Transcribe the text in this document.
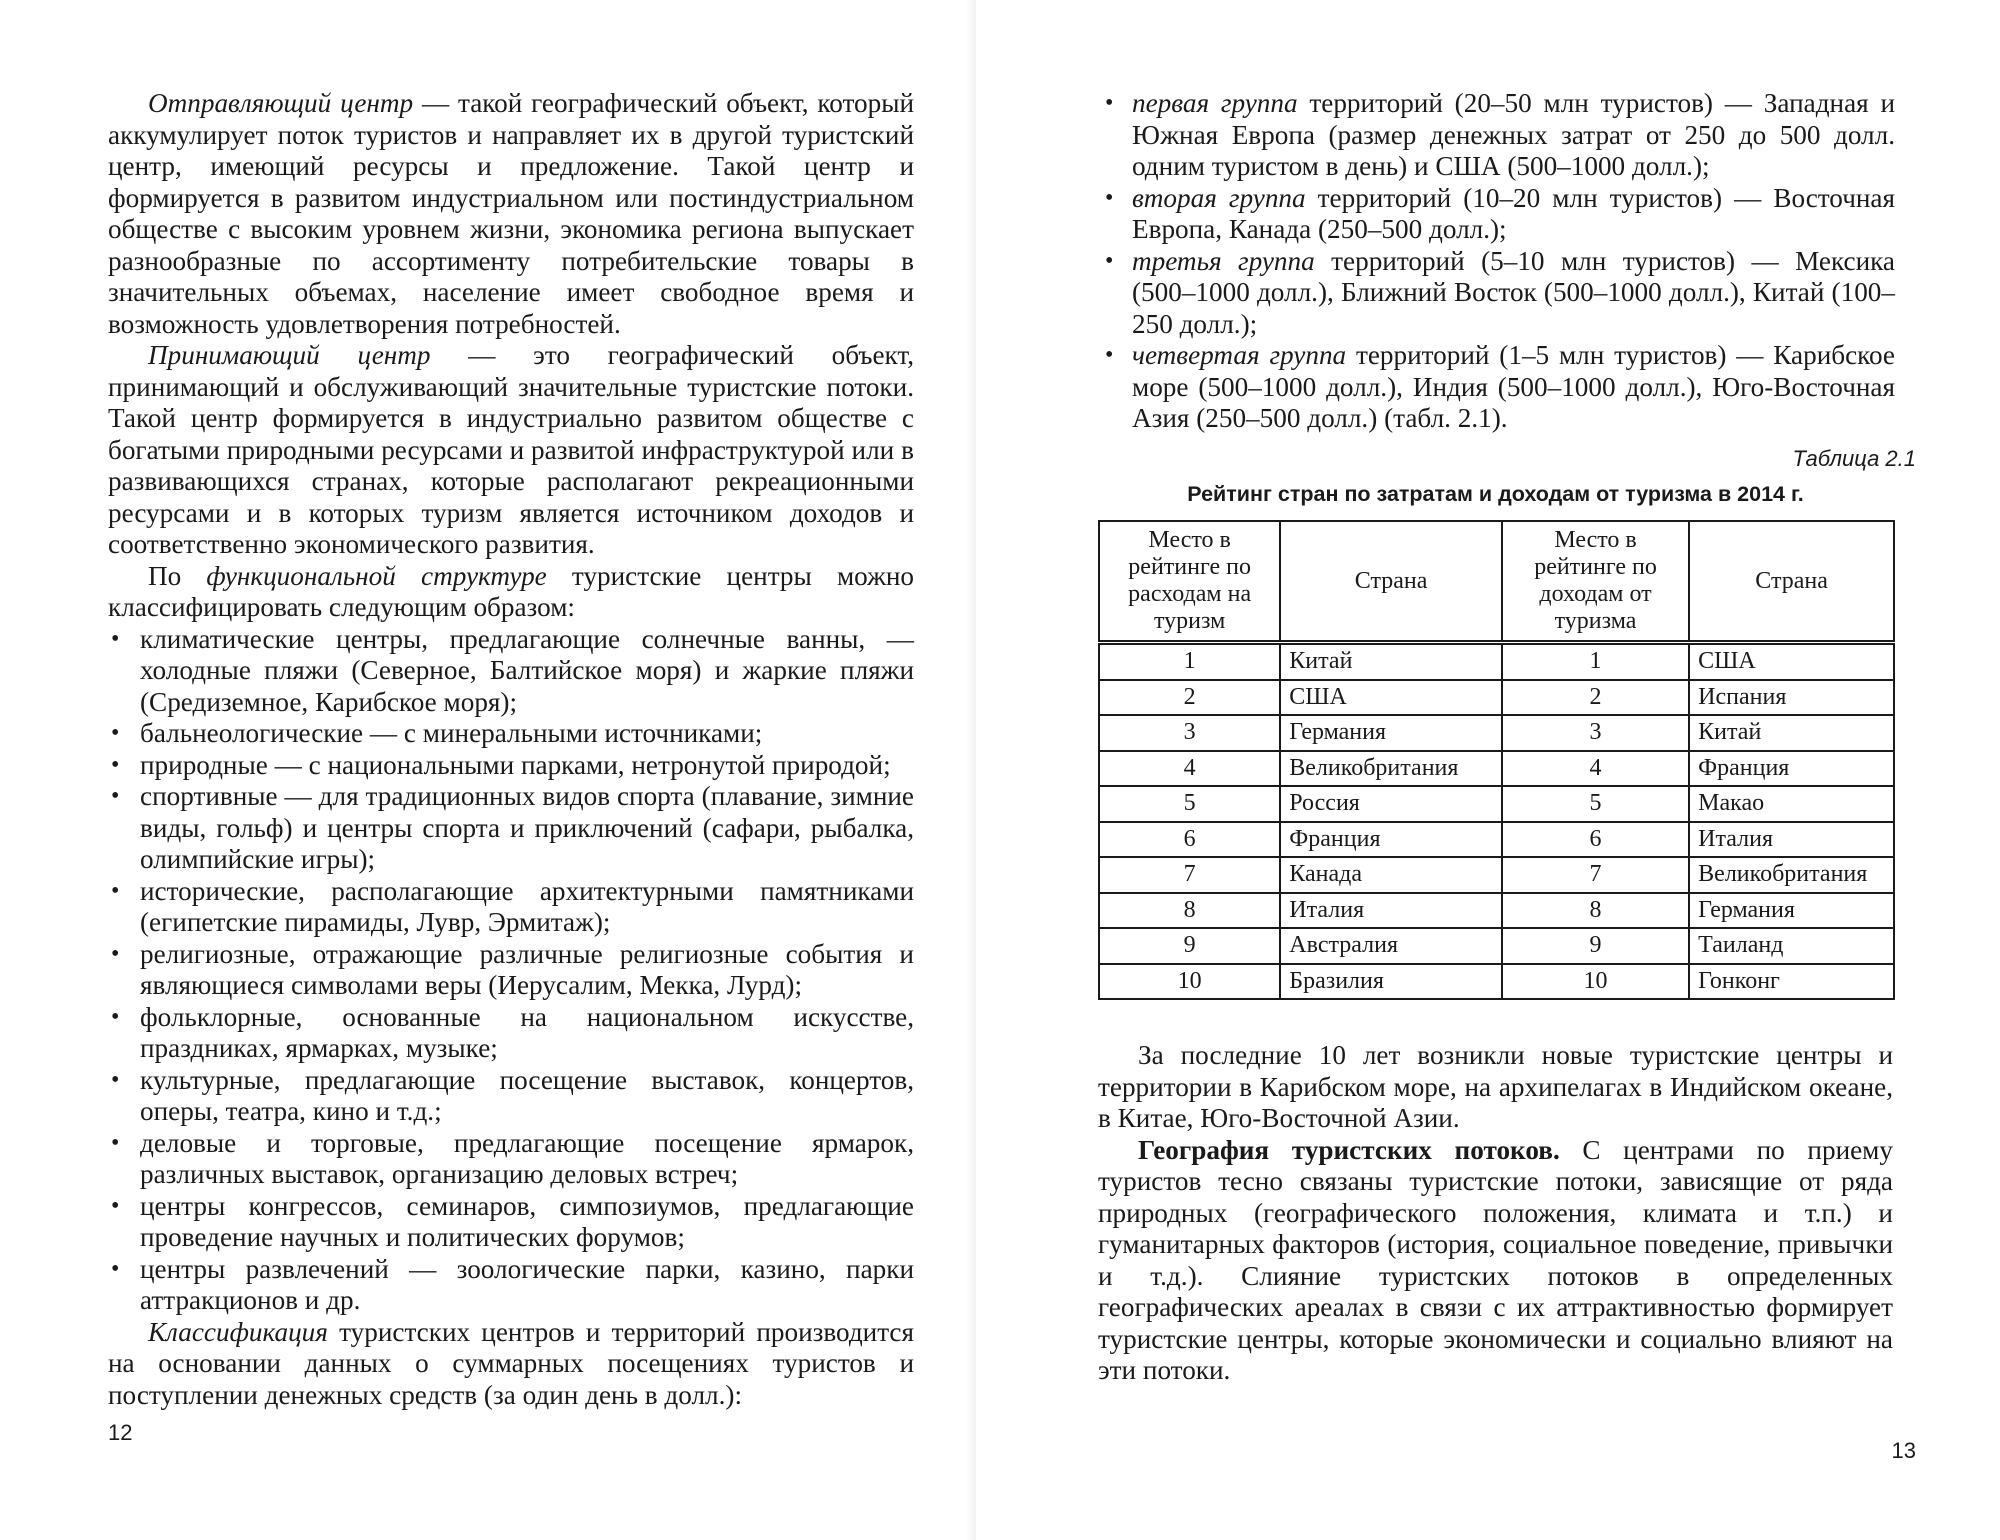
Отправляющий центр — такой географический объект, который аккумулирует поток туристов и направляет их в другой туристский центр, имеющий ресурсы и предложение. Такой центр и формируется в развитом индустриальном или постиндустриальном обществе с высоким уровнем жизни, экономика региона выпускает разнообразные по ассортименту потребительские товары в значительных объемах, население имеет свободное время и возможность удовлетворения потребностей.

Принимающий центр — это географический объект, принимающий и обслуживающий значительные туристские потоки. Такой центр формируется в индустриально развитом обществе с богатыми природными ресурсами и развитой инфраструктурой или в развивающихся странах, которые располагают рекреационными ресурсами и в которых туризм является источником доходов и соответственно экономического развития.

По функциональной структуре туристские центры можно классифицировать следующим образом:

• климатические центры, предлагающие солнечные ванны, — холодные пляжи (Северное, Балтийское моря) и жаркие пляжи (Средиземное, Карибское моря);
• бальнеологические — с минеральными источниками;
• природные — с национальными парками, нетронутой природой;
• спортивные — для традиционных видов спорта (плавание, зимние виды, гольф) и центры спорта и приключений (сафари, рыбалка, олимпийские игры);
• исторические, располагающие архитектурными памятниками (египетские пирамиды, Лувр, Эрмитаж);
• религиозные, отражающие различные религиозные события и являющиеся символами веры (Иерусалим, Мекка, Лурд);
• фольклорные, основанные на национальном искусстве, праздниках, ярмарках, музыке;
• культурные, предлагающие посещение выставок, концертов, оперы, театра, кино и т.д.;
• деловые и торговые, предлагающие посещение ярмарок, различных выставок, организацию деловых встреч;
• центры конгрессов, семинаров, симпозиумов, предлагающие проведение научных и политических форумов;
• центры развлечений — зоологические парки, казино, парки аттракционов и др.

Классификация туристских центров и территорий производится на основании данных о суммарных посещениях туристов и поступлении денежных средств (за один день в долл.):

12
• первая группа территорий (20–50 млн туристов) — Западная и Южная Европа (размер денежных затрат от 250 до 500 долл. одним туристом в день) и США (500–1000 долл.);
• вторая группа территорий (10–20 млн туристов) — Восточная Европа, Канада (250–500 долл.);
• третья группа территорий (5–10 млн туристов) — Мексика (500–1000 долл.), Ближний Восток (500–1000 долл.), Китай (100–250 долл.);
• четвертая группа территорий (1–5 млн туристов) — Карибское море (500–1000 долл.), Индия (500–1000 долл.), Юго-Восточная Азия (250–500 долл.) (табл. 2.1).
Таблица 2.1
Рейтинг стран по затратам и доходам от туризма в 2014 г.
Место в рейтинге по расходам на туризм	Страна	Место в рейтинге по доходам от туризма	Страна
1	Китай	1	США
2	США	2	Испания
3	Германия	3	Китай
4	Великобритания	4	Франция
5	Россия	5	Макао
6	Франция	6	Италия
7	Канада	7	Великобритания
8	Италия	8	Германия
9	Австралия	9	Таиланд
10	Бразилия	10	Гонконг

За последние 10 лет возникли новые туристские центры и территории в Карибском море, на архипелагах в Индийском океане, в Китае, Юго-Восточной Азии.

География туристских потоков. С центрами по приему туристов тесно связаны туристские потоки, зависящие от ряда природных (географического положения, климата и т.п.) и гуманитарных факторов (история, социальное поведение, привычки и т.д.). Слияние туристских потоков в определенных географических ареалах в связи с их аттрактивностью формирует туристские центры, которые экономически и социально влияют на эти потоки.

13
